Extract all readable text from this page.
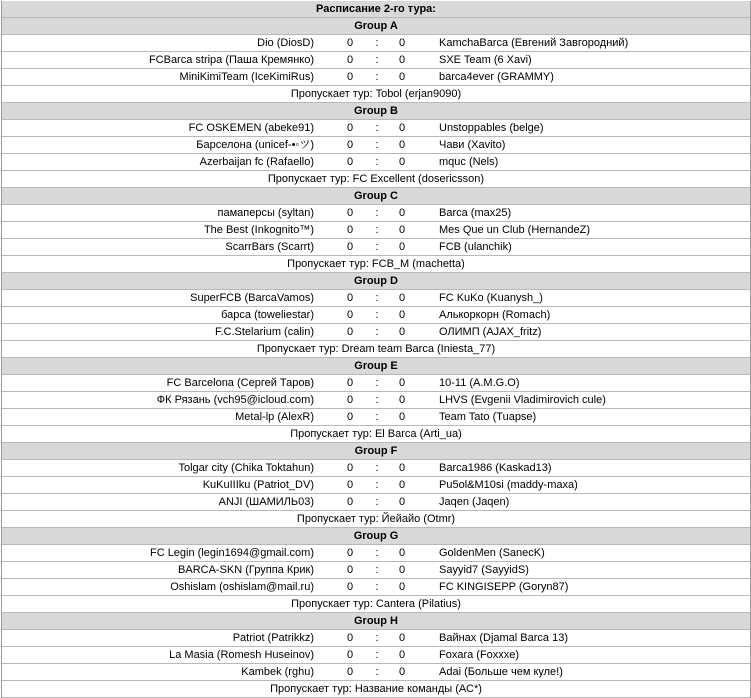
Расписание 2-го тура:
Group A
Dio (DiosD)	0	:	0	KamchaBarca (Евгений Завгородний)
FCBarca stripa (Паша Кремянко)	0	:	0	SXE Team (6 Xavi)
MiniKimiTeam (IceKimiRus)	0	:	0	barca4ever (GRAMMY)
Пропускает тур: Tobol (erjan9090)
Group B
FC OSKEMEN (abeke91)	0	:	0	Unstoppables (belge)
Барселона (unicef-•◦ツ)	0	:	0	Чави (Xavito)
Azerbaijan fc (Rafaello)	0	:	0	mquc (Nels)
Пропускает тур: FC Excellent (dosericsson)
Group C
памаперсы (syltan)	0	:	0	Barca (max25)
The Best (Inkognito™)	0	:	0	Mes Que un Club (HernandeZ)
ScarrBars (Scarrt)	0	:	0	FCB (ulanchik)
Пропускает тур: FCB_M (machetta)
Group D
SuperFCB (BarcaVamos)	0	:	0	FC KuKo (Kuanysh_)
барса (toweliestar)	0	:	0	Алькоркорн (Romach)
F.C.Stelarium (calin)	0	:	0	ОЛИМП (AJAX_fritz)
Пропускает тур: Dream team Barca (Iniesta_77)
Group E
FC Barcelona (Сергей Таров)	0	:	0	10-11 (A.M.G.O)
ФК Рязань (vch95@icloud.com)	0	:	0	LHVS (Evgenii Vladimirovich cule)
Metal-lp (AlexR)	0	:	0	Team Tato (Tuapse)
Пропускает тур: El Barca (Arti_ua)
Group F
Tolgar city (Chika Toktahun)	0	:	0	Barca1986 (Kaskad13)
KuKuIIIku (Patriot_DV)	0	:	0	Pu5ol&M10si (maddy-maxa)
ANJI (ШАМИЛЬ03)	0	:	0	Jaqen (Jaqen)
Пропускает тур: Йейайо (Otmr)
Group G
FC Legin (legin1694@gmail.com)	0	:	0	GoldenMen (SanecK)
BARCA-SKN (Группа Крик)	0	:	0	Sayyid7 (SayyidS)
Oshislam (oshislam@mail.ru)	0	:	0	FC KINGISEPP (Goryn87)
Пропускает тур: Cantera (Pilatius)
Group H
Patriot (Patrikkz)	0	:	0	Вайнах (Djamal Barca 13)
La Masia (Romesh Huseinov)	0	:	0	Foxara (Foxxxe)
Kambek (rghu)	0	:	0	Adai (Больше чем куле!)
Пропускает тур: Название команды (АС*)
